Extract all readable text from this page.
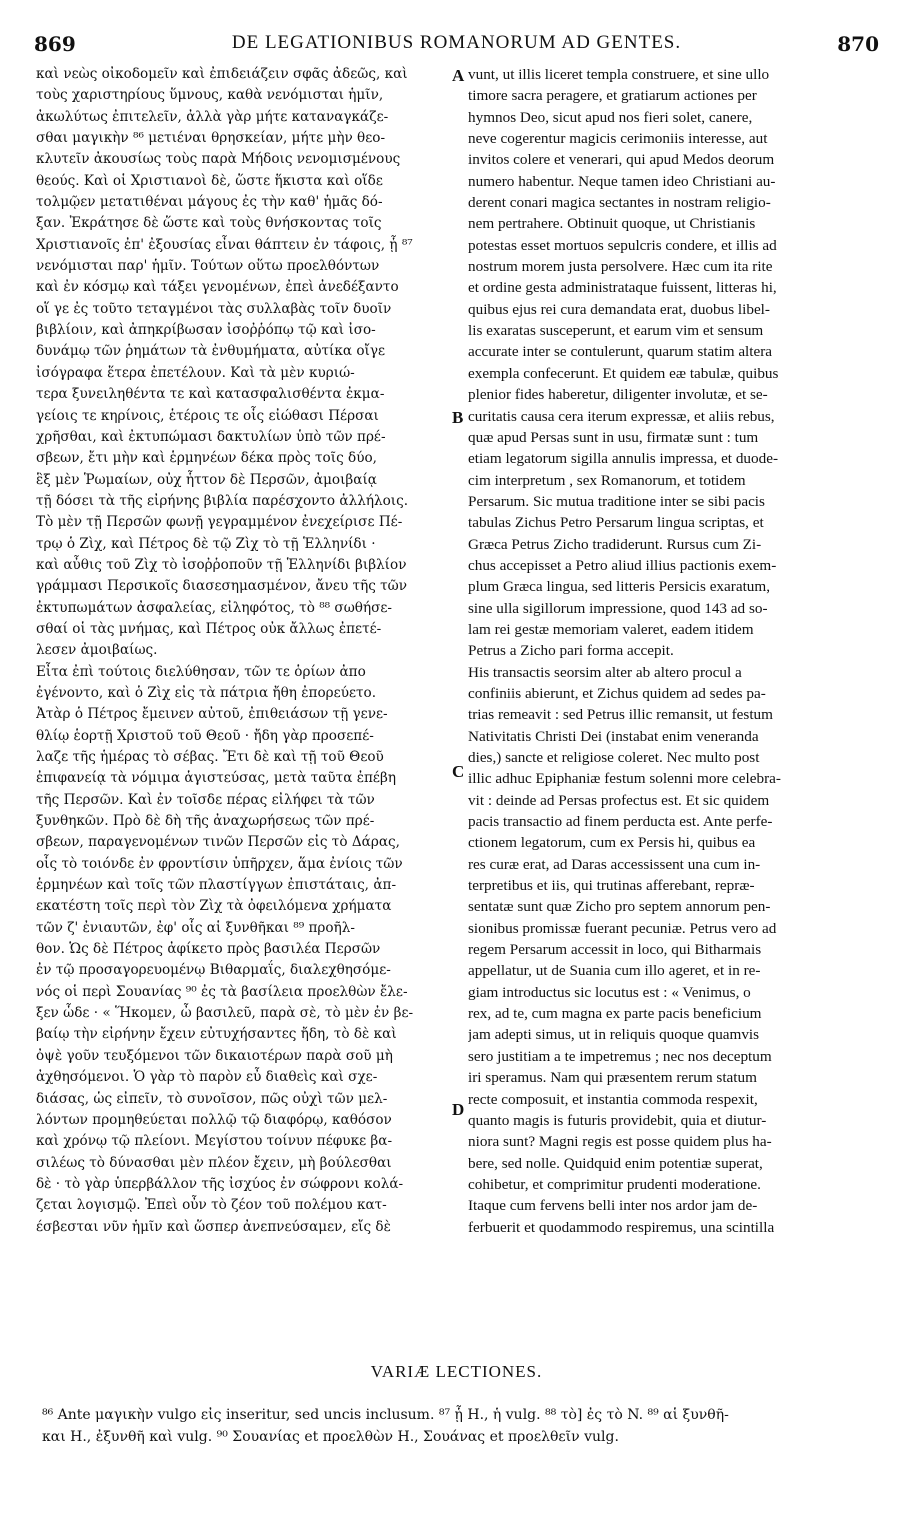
869	DE LEGATIONIBUS ROMANORUM AD GENTES.	870
καὶ νεὼς οἰκοδομεῖν καὶ ἐπιδειάζειν σφᾶς ἀδεῶς, καὶ
τοὺς χαριστηρίους ὕμνους, καθὰ νενόμισται ἡμῖν,
ἀκωλύτως ἐπιτελεῖν, ἀλλὰ γὰρ μήτε καταναγκάζε-
σθαι μαγικὴν ⁸⁶ μετιέναι θρησκείαν, μήτε μὴν θεο-
κλυτεῖν ἀκουσίως τοὺς παρὰ Μήδοις νενομισμένους
θεούς. Καὶ οἱ Χριστιανοὶ δὲ, ὥστε ἥκιστα καὶ οἵδε
τολμῷεν μετατιθέναι μάγους ἐς τὴν καθ' ἡμᾶς δό-
ξαν. Ἐκράτησε δὲ ὥστε καὶ τοὺς θνήσκοντας τοῖς
Χριστιανοῖς ἐπ' ἐξουσίας εἶναι θάπτειν ἐν τάφοις, ᾗ ⁸⁷
νενόμισται παρ' ἡμῖν. Τούτων οὕτω προελθόντων
καὶ ἐν κόσμῳ καὶ τάξει γενομένων, ἐπεὶ ἀνεδέξαντο
οἵ γε ἐς τοῦτο τεταγμένοι τὰς συλλαβὰς τοῖν δυοῖν
βιβλίοιν, καὶ ἀπηκρίβωσαν ἰσοῤῥόπῳ τῷ καὶ ἰσο-
δυνάμῳ τῶν ῥημάτων τὰ ἐνθυμήματα, αὐτίκα οἴγε
ἰσόγραφα ἕτερα ἐπετέλουν. Καὶ τὰ μὲν κυριώ-
τερα ξυνειληθέντα τε καὶ κατασφαλισθέντα ἐκμα-
γείοις τε κηρίνοις, ἑτέροις τε οἷς εἰώθασι Πέρσαι
χρῆσθαι, καὶ ἐκτυπώμασι δακτυλίων ὑπὸ τῶν πρέ-
σβεων, ἔτι μὴν καὶ ἑρμηνέων δέκα πρὸς τοῖς δύο,
ἓξ μὲν Ῥωμαίων, οὐχ ἧττον δὲ Περσῶν, ἀμοιβαίᾳ
τῇ δόσει τὰ τῆς εἰρήνης βιβλία παρέσχοντο ἀλλήλοις.
Τὸ μὲν τῇ Περσῶν φωνῇ γεγραμμένον ἐνεχείρισε Πέ-
τρῳ ὁ Ζὶχ, καὶ Πέτρος δὲ τῷ Ζὶχ τὸ τῇ Ἑλληνίδι ·
καὶ αὖθις τοῦ Ζὶχ τὸ ἰσοῤῥοποῦν τῇ Ἑλληνίδι βιβλίον
γράμμασι Περσικοῖς διασεσημασμένον, ἄνευ τῆς τῶν
ἐκτυπωμάτων ἀσφαλείας, εἰληφότος, τὸ ⁸⁸ σωθήσε-
σθαί οἱ τὰς μνήμας, καὶ Πέτρος οὐκ ἄλλως ἐπετέ-
λεσεν ἀμοιβαίως.
Εἶτα ἐπὶ τούτοις διελύθησαν, τῶν τε ὁρίων ἀπο
ἐγένοντο, καὶ ὁ Ζὶχ εἰς τὰ πάτρια ἤθη ἐπορεύετο.
Ἀτὰρ ὁ Πέτρος ἔμεινεν αὐτοῦ, ἐπιθειάσων τῇ γενε-
θλίῳ ἑορτῇ Χριστοῦ τοῦ Θεοῦ · ἤδη γὰρ προσεπέ-
λαζε τῆς ἡμέρας τὸ σέβας. Ἔτι δὲ καὶ τῇ τοῦ Θεοῦ
ἐπιφανείᾳ τὰ νόμιμα ἁγιστεύσας, μετὰ ταῦτα ἐπέβη
τῆς Περσῶν. Καὶ ἐν τοῖσδε πέρας εἰλήφει τὰ τῶν
ξυνθηκῶν. Πρὸ δὲ δὴ τῆς ἀναχωρήσεως τῶν πρέ-
σβεων, παραγενομένων τινῶν Περσῶν εἰς τὸ Δάρας,
οἷς τὸ τοιόνδε ἐν φροντίσιν ὑπῆρχεν, ἅμα ἐνίοις τῶν
ἑρμηνέων καὶ τοῖς τῶν πλαστίγγων ἐπιστάταις, ἀπ-
εκατέστη τοῖς περὶ τὸν Ζὶχ τὰ ὀφειλόμενα χρήματα
τῶν ζ' ἐνιαυτῶν, ἐφ' οἷς αἱ ξυνθῆκαι ⁸⁹ προῆλ-
θον. Ὡς δὲ Πέτρος ἀφίκετο πρὸς βασιλέα Περσῶν
ἐν τῷ προσαγορευομένῳ Βιθαρμαΐς, διαλεχθησόμε-
νός οἱ περὶ Σουανίας ⁹⁰ ἐς τὰ βασίλεια προελθὼν ἔλε-
ξεν ὧδε · « Ἥκομεν, ὦ βασιλεῦ, παρὰ σὲ, τὸ μὲν ἐν βε-
βαίῳ τὴν εἰρήνην ἔχειν εὐτυχήσαντες ἤδη, τὸ δὲ καὶ
ὀψὲ γοῦν τευξόμενοι τῶν δικαιοτέρων παρὰ σοῦ μὴ
ἀχθησόμενοι. Ὁ γὰρ τὸ παρὸν εὖ διαθεὶς καὶ σχε-
διάσας, ὡς εἰπεῖν, τὸ συνοῖσον, πῶς οὐχὶ τῶν μελ-
λόντων προμηθεύεται πολλῷ τῷ διαφόρῳ, καθόσον
καὶ χρόνῳ τῷ πλείονι. Μεγίστου τοίνυν πέφυκε βα-
σιλέως τὸ δύνασθαι μὲν πλέον ἔχειν, μὴ βούλεσθαι
δὲ · τὸ γὰρ ὑπερβάλλον τῆς ἰσχύος ἐν σώφρονι κολά-
ζεται λογισμῷ. Ἐπεὶ οὖν τὸ ζέον τοῦ πολέμου κατ-
έσβεσται νῦν ἡμῖν καὶ ὥσπερ ἀνεπνεύσαμεν, εἴς δὲ
vunt, ut illis liceret templa construere, et sine ullo
timore sacra peragere, et gratiarum actiones per
hymnos Deo, sicut apud nos fieri solet, canere,
neve cogerentur magicis cerimoniis interesse, aut
invitos colere et venerari, qui apud Medos deorum
numero habentur. Neque tamen ideo Christiani au-
derent conari magica sectantes in nostram religio-
nem pertrahere. Obtinuit quoque, ut Christianis
potestas esset mortuos sepulcris condere, et illis ad
nostrum morem justa persolvere. Hæc cum ita rite
et ordine gesta administrataque fuissent, litteras hi,
quibus ejus rei cura demandata erat, duobus libel-
lis exaratas susceperunt, et earum vim et sensum
accurate inter se contulerunt, quarum statim altera
exempla confecerunt. Et quidem eæ tabulæ, quibus
plenior fides haberetur, diligenter involutæ, et se-
curitatis causa cera iterum expressæ, et aliis rebus,
quæ apud Persas sunt in usu, firmatæ sunt : tum
etiam legatorum sigilla annulis impressa, et duode-
cim interpretum , sex Romanorum, et totidem
Persarum. Sic mutua traditione inter se sibi pacis
tabulas Zichus Petro Persarum lingua scriptas, et
Græca Petrus Zicho tradiderunt. Rursus cum Zi-
chus accepisset a Petro aliud illius pactionis exem-
plum Græca lingua, sed litteris Persicis exaratum,
sine ulla sigillorum impressione, quod 143 ad so-
lam rei gestæ memoriam valeret, eadem itidem
Petrus a Zicho pari forma accepit.
His transactis seorsim alter ab altero procul a
confiniis abierunt, et Zichus quidem ad sedes pa-
trias remeavit : sed Petrus illic remansit, ut festum
Nativitatis Christi Dei (instabat enim veneranda
dies,) sancte et religiose coleret. Nec multo post
illic adhuc Epiphaniæ festum solenni more celebra-
vit : deinde ad Persas profectus est. Et sic quidem
pacis transactio ad finem perducta est. Ante perfe-
ctionem legatorum, cum ex Persis hi, quibus ea
res curæ erat, ad Daras accessissent una cum in-
terpretibus et iis, qui trutinas afferebant, repræ-
sentatæ sunt quæ Zicho pro septem annorum pen-
sionibus promissæ fuerant pecuniæ. Petrus vero ad
regem Persarum accessit in loco, qui Bitharmais
appellatur, ut de Suania cum illo ageret, et in re-
giam introductus sic locutus est : « Venimus, o
rex, ad te, cum magna ex parte pacis beneficium
jam adepti simus, ut in reliquis quoque quamvis
sero justitiam a te impetremus ; nec nos deceptum
iri speramus. Nam qui præsentem rerum statum
recte composuit, et instantia commoda respexit,
quanto magis is futuris providebit, quia et diutur-
niora sunt? Magni regis est posse quidem plus ha-
bere, sed nolle. Quidquid enim potentiæ superat,
cohibetur, et comprimitur prudenti moderatione.
Itaque cum fervens belli inter nos ardor jam de-
ferbuerit et quodammodo respiremus, una scintilla
A
B
C
D
VARIÆ LECTIONES.
⁸⁶ Ante μαγικὴν vulgo εἰς inseritur, sed uncis inclusum. ⁸⁷ ᾗ H., ἡ vulg. ⁸⁸ τὸ] ἐς τὸ N. ⁸⁹ αἱ ξυνθῆ-
και H., ἐξυνθῆ καὶ vulg. ⁹⁰ Σουανίας et προελθὼν H., Σουάνας et προελθεῖν vulg.
